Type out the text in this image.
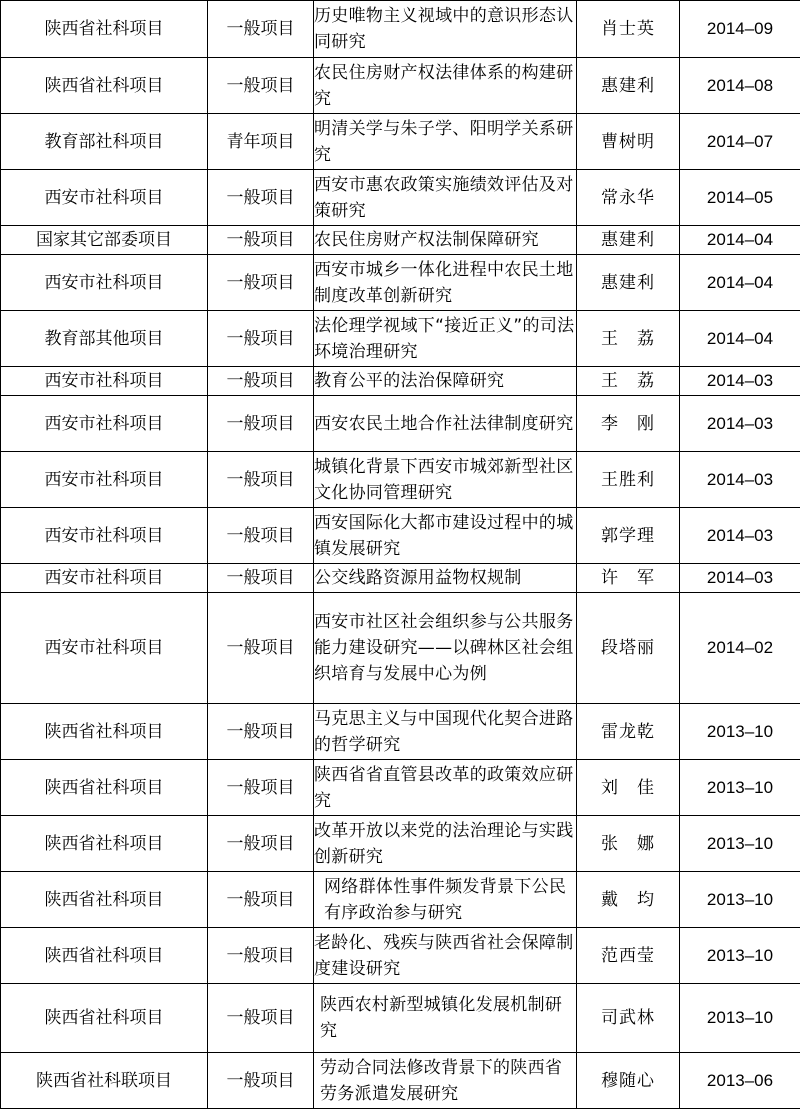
陕西省社科项目	一般项目	历史唯物主义视域中的意识形态认同研究	肖士英	2014–09
陕西省社科项目	一般项目	农民住房财产权法律体系的构建研究	惠建利	2014–08
教育部社科项目	青年项目	明清关学与朱子学、阳明学关系研究	曹树明	2014–07
西安市社科项目	一般项目	西安市惠农政策实施绩效评估及对策研究	常永华	2014–05
国家其它部委项目	一般项目	农民住房财产权法制保障研究	惠建利	2014–04
西安市社科项目	一般项目	西安市城乡一体化进程中农民土地制度改革创新研究	惠建利	2014–04
教育部其他项目	一般项目	法伦理学视域下“接近正义”的司法环境治理研究	王　荔	2014–04
西安市社科项目	一般项目	教育公平的法治保障研究	王　荔	2014–03
西安市社科项目	一般项目	西安农民土地合作社法律制度研究	李　刚	2014–03
西安市社科项目	一般项目	城镇化背景下西安市城郊新型社区文化协同管理研究	王胜利	2014–03
西安市社科项目	一般项目	西安国际化大都市建设过程中的城镇发展研究	郭学理	2014–03
西安市社科项目	一般项目	公交线路资源用益物权规制	许　军	2014–03
西安市社科项目	一般项目	西安市社区社会组织参与公共服务能力建设研究——以碑林区社会组织培育与发展中心为例	段塔丽	2014–02
陕西省社科项目	一般项目	马克思主义与中国现代化契合进路的哲学研究	雷龙乾	2013–10
陕西省社科项目	一般项目	陕西省省直管县改革的政策效应研究	刘　佳	2013–10
陕西省社科项目	一般项目	改革开放以来党的法治理论与实践创新研究	张　娜	2013–10
陕西省社科项目	一般项目	网络群体性事件频发背景下公民有序政治参与研究	戴　均	2013–10
陕西省社科项目	一般项目	老龄化、残疾与陕西省社会保障制度建设研究	范西莹	2013–10
陕西省社科项目	一般项目	陕西农村新型城镇化发展机制研究	司武林	2013–10
陕西省社科联项目	一般项目	劳动合同法修改背景下的陕西省劳务派遣发展研究	穆随心	2013–06
